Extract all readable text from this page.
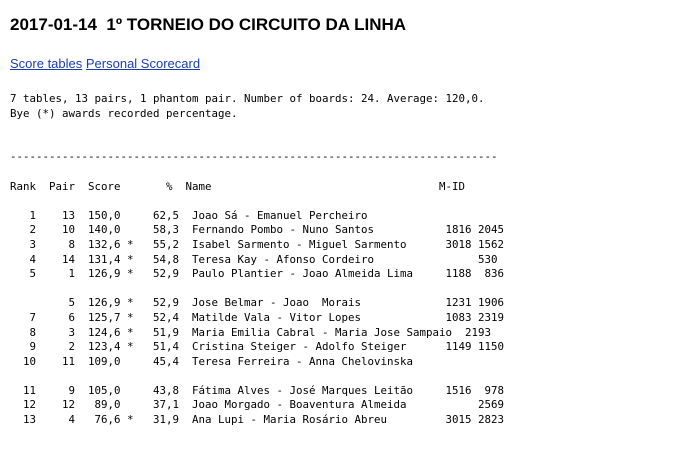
2017-01-14  1º TORNEIO DO CIRCUITO DA LINHA
Score tables Personal Scorecard
7 tables, 13 pairs, 1 phantom pair. Number of boards: 24. Average: 120,0.
Bye (*) awards recorded percentage.

---------------------------------------------------------------------------

Rank  Pair  Score       %  Name                                   M-ID

1    13  150,0     62,5  Joao Sá - Emanuel Percheiro
2    10  140,0     58,3  Fernando Pombo - Nuno Santos           1816 2045
3     8  132,6 *   55,2  Isabel Sarmento - Miguel Sarmento      3018 1562
4    14  131,4 *   54,8  Teresa Kay - Afonso Cordeiro                530
5     1  126,9 *   52,9  Paulo Plantier - Joao Almeida Lima     1188  836

5  126,9 *   52,9  Jose Belmar - Joao  Morais             1231 1906
7     6  125,7 *   52,4  Matilde Vala - Vitor Lopes             1083 2319
8     3  124,6 *   51,9  Maria Emilia Cabral - Maria Jose Sampaio  2193
9     2  123,4 *   51,4  Cristina Steiger - Adolfo Steiger      1149 1150
10    11  109,0     45,4  Teresa Ferreira - Anna Chelovinska

11     9  105,0     43,8  Fátima Alves - José Marques Leitão     1516  978
12    12   89,0     37,1  Joao Morgado - Boaventura Almeida           2569
13     4   76,6 *   31,9  Ana Lupi - Maria Rosário Abreu         3015 2823
